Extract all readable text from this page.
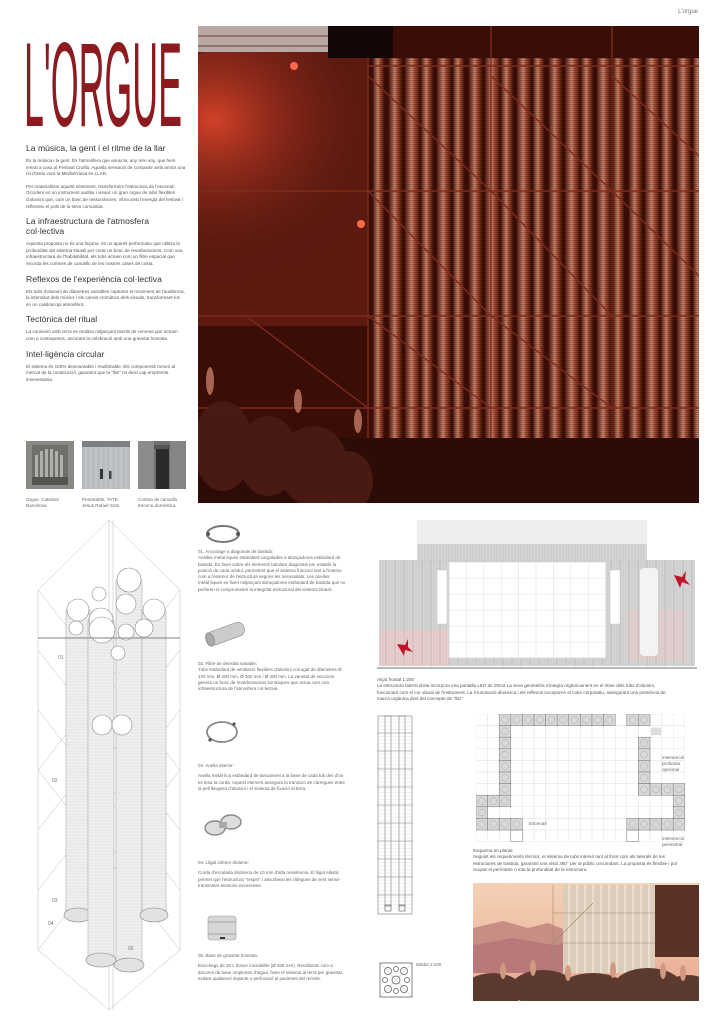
L'orgue
L'ORGUE
La música, la gent i el ritme de la llar

És la música i la gent. És l'atmosfera que anuncia, any rere any, que hem entrat a casa al Festival Cruïlla. Aquella sensació de compartir amb amics una nit d'estiu vora la Mediterrània és LLAR.

Per materialitzar aquest sentiment, transformem l'estructura de l'escenari Occident en un instrument auditiu i visual: un gran orgue de tubs flexibles d'alumini que, com un bosc de ressonàncies, vibra amb l'energia del festival i reflecteix el pols de la seva comunitat.

La infraestructura de l'atmosfera col·lectiva

Aquesta proposta no és una façana, és un aparell performatiu que utilitza la profunditat del sistema Nüasli per crear un bosc de reverberacions. Com una infraestructura de l'habitabilitat, els tubs actuen com un filtre espacial que recorda les cortines de canutillo de les nostres cases de costa.

Reflexos de l'experiència col·lectiva

Els tubs d'alumini de diàmetres variables capturen el moviment de l'audiència, la intensitat dels músics i els canvis cromàtics dels visuals, transformant-los en un calidoscopi atmosfèric.

Tectònica del ritual

La connexió amb terra es realitza mitjançant barrils de cervesa que actuen com a contrapesos, ancorant la celebració amb una gravetat honesta.

Intel·ligència circular

El sistema és 100% desmuntable i reutilitzable. Els components tornen al mercat de la construcció, garantint que la "llar" no deixi cap empremta innecessària.

Orgue. Catedral Barcelona
Penetrable, TATE. Jesus Rafael Soto
Cortina de canutillo Escena domèstica
01
02
03
04
05
01. Ancoratge a diagonals de bastida:
Anelles metàl·liques estàndard cargolades a abraçadores estàndard de bastida. Es fixen sobre els elements tubulars diagonals per establir la posició de cada mòdul, permetent que el sistema funcioni tant a l'interior com a l'exterior de l'estructura segons les necessitats. Les anelles metàl·liques es fixen mitjançant abraçadores estàndard de bastida que no perforen ni comprometen la integritat estructural del sistema Nüasli.
02. Filtre de densitat variable:
Tubs estàndard de ventilació flexibles d'alumini corrugat de diàmetres Ø 120 mm, Ø 200 mm, Ø 300 mm i Ø 400 mm. La varietat de seccions genera un bosc de reverberacions lumíniques que actua com una infraestructura de l'atmosfera col·lectiva.
03. Anella interior:
Anella metàl·lica estàndard de tancament a la base de cada tub des d'on es tesa la corda. Aquest element assegura la transició de càrregues entre la pell lleugera d'alumini i el sistema de fixació al terra.
04. Lligat inferior dinàmic:
Corda d'escalada dinàmica de 10 mm d'alta resistència. El lligat elàstic permet que l'estructura "respiri" i absorbeixi les ràfegues de vent sense transmetre tensions excessives.
05. Base de gravetat honesta:
Euro-kegs de 30 L d'acer inoxidable (Ø 408 mm). Reutilitzats com a àncores de base omplertes d'aigua, fixen el sistema al terra per gravetat, evitant qualsevol impacte o perforació al paviment del recinte.
Alçat frontal 1:200
La estructura lateral dreta incorpora una pantalla LED de 20m2 La seva geometria s'integra orgànicament en el ritme dels tubs d'alumini, funcionant com el cor visual de l'instrument. La il·luminació dinàmica i els reflexos incorporen el color corporatiu, assegurant una presència de marca orgànica dins del concepte de "llar"
Mòdul 1:100
Escenari
intervenció profunda opcional
intervenció perimetral
Esquema en planta
Seguint els requeriments tècnics, el sistema de tubs intervé tant al front com als laterals de les estructures de bastida, garantint una visió 360° per al públic circumdant. La proposta és flexible i pot ocupar el perímetre o tota la profunditat de la estructura.
